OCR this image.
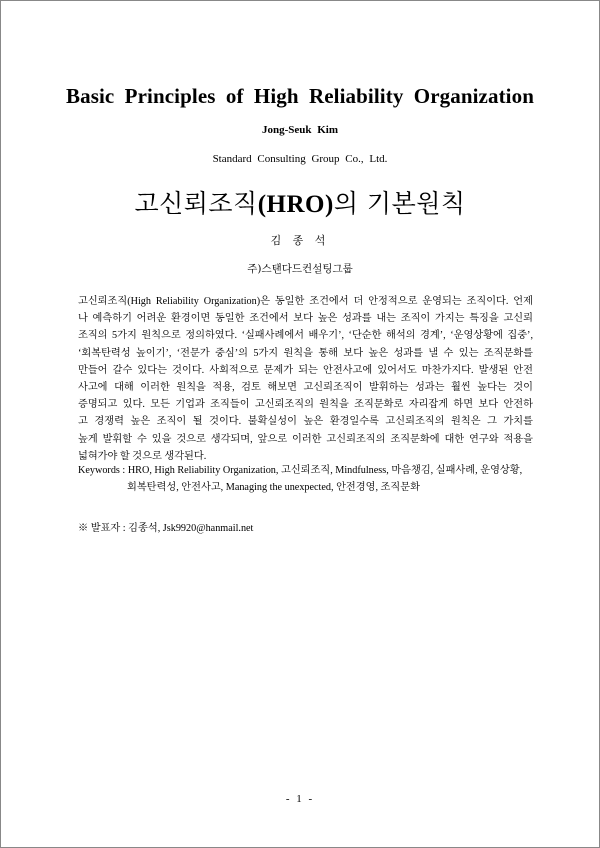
Basic Principles of High Reliability Organization
Jong-Seuk Kim
Standard Consulting Group Co., Ltd.
고신뢰조직(HRO)의 기본원칙
김 종 석
주)스탠다드컨설팅그룹
고신뢰조직(High Reliability Organization)은 동일한 조건에서 더 안정적으로 운영되는 조직이다. 언제
나 예측하기 어려운 환경이면 동일한 조건에서 보다 높은 성과를 내는 조직이 가지는 특징을 고신뢰
조직의 5가지 원칙으로 정의하였다. ‘실패사례에서 배우기’, ‘단순한 해석의 경계’, ‘운영상황에 집중’,
‘회복탄력성 높이기’, ‘전문가 중심’의 5가지 원칙을 통해 보다 높은 성과를 낼 수 있는 조직문화를
만들어 갈수 있다는 것이다. 사회적으로 문제가 되는 안전사고에 있어서도 마찬가지다. 발생된 안전
사고에 대해 이러한 원칙을 적용, 검토 해보면 고신뢰조직이 발휘하는 성과는 훨씬 높다는 것이
증명되고 있다. 모든 기업과 조직들이 고신뢰조직의 원칙을 조직문화로 자리잡게 하면 보다 안전하
고 경쟁력 높은 조직이 될 것이다. 불확실성이 높은 환경일수록 고신뢰조직의 원칙은 그 가치를
높게 발휘할 수 있을 것으로 생각되며, 앞으로 이러한 고신뢰조직의 조직문화에 대한 연구와 적용을
넓혀가야 할 것으로 생각된다.
Keywords : HRO, High Reliability Organization, 고신뢰조직, Mindfulness, 마음챙김, 실패사례, 운영상황,
회복탄력성, 안전사고, Managing the unexpected, 안전경영, 조직문화
※ 발표자 : 김종석, Jsk9920@hanmail.net
- 1 -
